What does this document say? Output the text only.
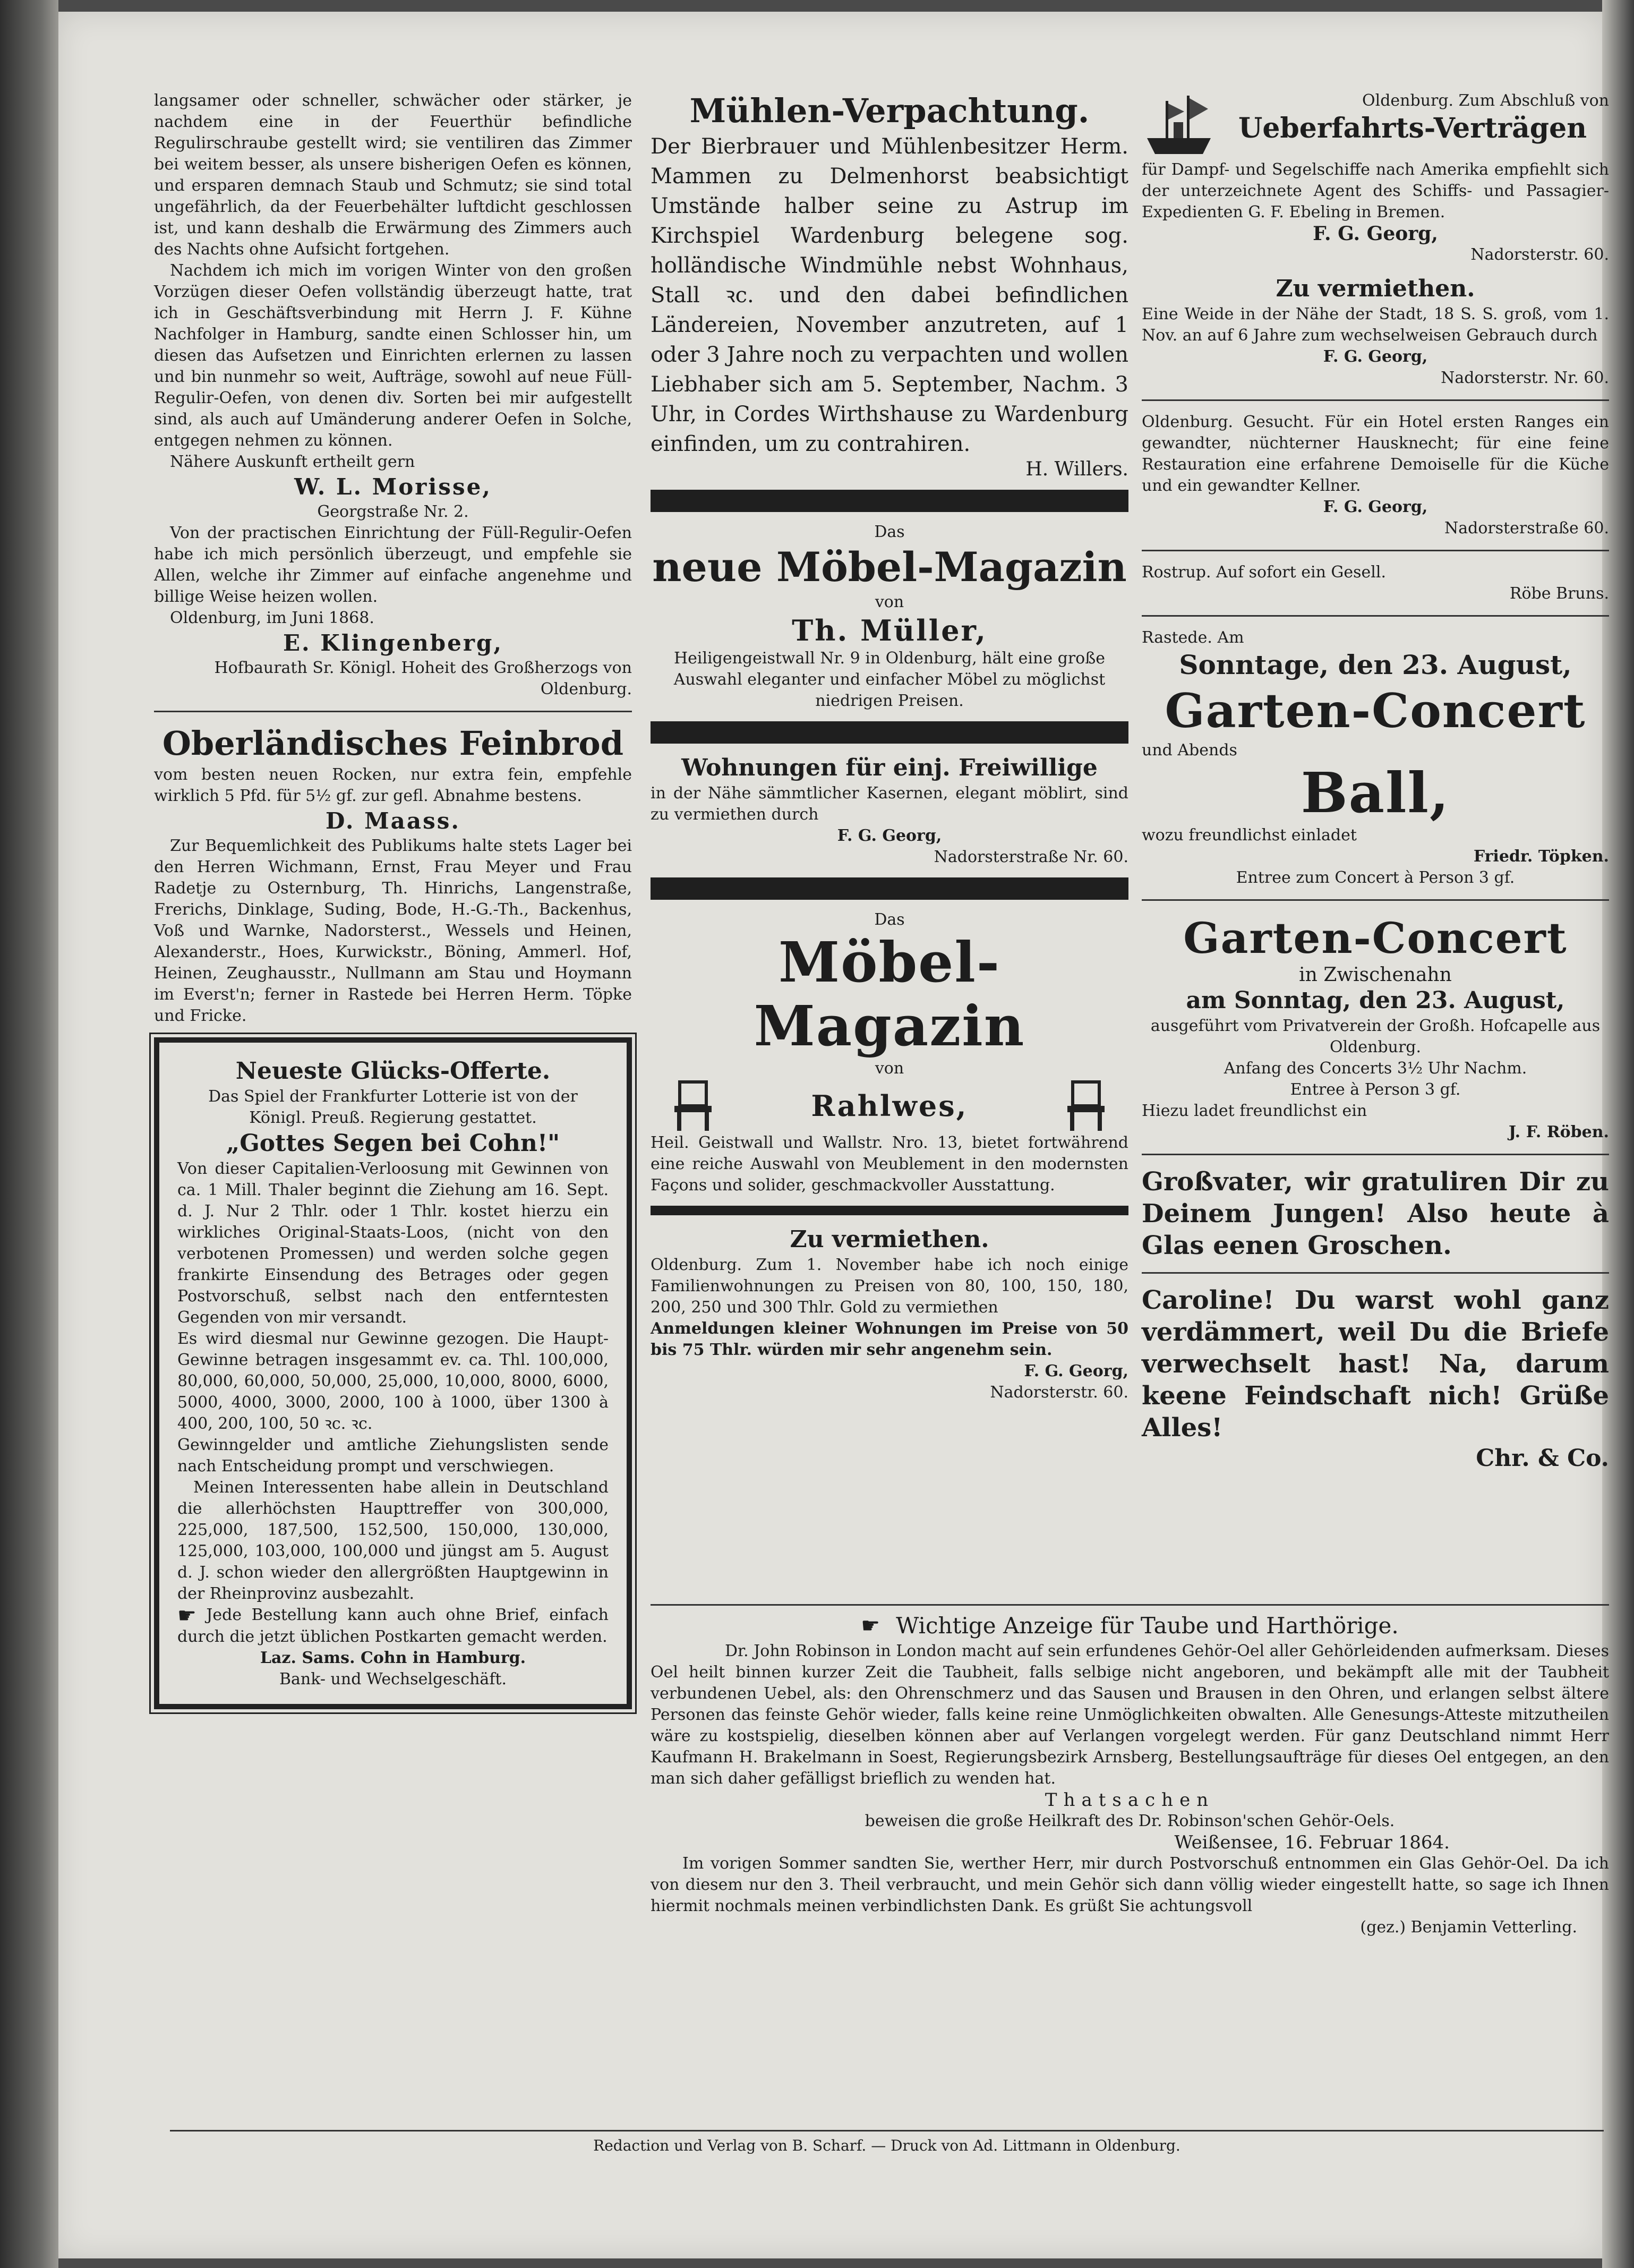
langsamer oder schneller, schwächer oder stärker, je nachdem eine in der Feuerthür befindliche Regulirschraube gestellt wird; sie ventiliren das Zimmer bei weitem besser, als unsere bisherigen Oefen es können, und ersparen demnach Staub und Schmutz; sie sind total ungefährlich, da der Feuerbehälter luftdicht geschlossen ist, und kann deshalb die Erwärmung des Zimmers auch des Nachts ohne Aufsicht fortgehen.

Nachdem ich mich im vorigen Winter von den großen Vorzügen dieser Oefen vollständig überzeugt hatte, trat ich in Geschäftsverbindung mit Herrn J. F. Kühne Nachfolger in Hamburg, sandte einen Schlosser hin, um diesen das Aufsetzen und Einrichten erlernen zu lassen und bin nunmehr so weit, Aufträge, sowohl auf neue Füll-Regulir-Oefen, von denen div. Sorten bei mir aufgestellt sind, als auch auf Umänderung anderer Oefen in Solche, entgegen nehmen zu können.

Nähere Auskunft ertheilt gern

W. L. Morisse,
Georgstraße Nr. 2.

Von der practischen Einrichtung der Füll-Regulir-Oefen habe ich mich persönlich überzeugt, und empfehle sie Allen, welche ihr Zimmer auf einfache angenehme und billige Weise heizen wollen.

Oldenburg, im Juni 1868.
E. Klingenberg,
Hofbaurath Sr. Königl. Hoheit des Großherzogs von Oldenburg.
Oberländisches Feinbrod

vom besten neuen Rocken, nur extra fein, empfehle wirklich 5 Pfd. für 5½ gf. zur gefl. Abnahme bestens.

D. Maass.

Zur Bequemlichkeit des Publikums halte stets Lager bei den Herren Wichmann, Ernst, Frau Meyer und Frau Radetje zu Osternburg, Th. Hinrichs, Langenstraße, Frerichs, Dinklage, Suding, Bode, H.-G.-Th., Backenhus, Voß und Warnke, Nadorsterst., Wessels und Heinen, Alexanderstr., Hoes, Kurwickstr., Böning, Ammerl. Hof, Heinen, Zeughausstr., Nullmann am Stau und Hoymann im Everst'n; ferner in Rastede bei Herren Herm. Töpke und Fricke.

Neueste Glücks-Offerte.

Das Spiel der Frankfurter Lotterie ist von der Königl. Preuß. Regierung gestattet.

„Gottes Segen bei Cohn!"

Von dieser Capitalien-Verloosung mit Gewinnen von ca. 1 Mill. Thaler beginnt die Ziehung am 16. Sept. d. J. Nur 2 Thlr. oder 1 Thlr. kostet hierzu ein wirkliches Original-Staats-Loos, (nicht von den verbotenen Promessen) und werden solche gegen frankirte Einsendung des Betrages oder gegen Postvorschuß, selbst nach den entferntesten Gegenden von mir versandt.

Es wird diesmal nur Gewinne gezogen. Die Haupt-Gewinne betragen insgesammt ev. ca. Thl. 100,000, 80,000, 60,000, 50,000, 25,000, 10,000, 8000, 6000, 5000, 4000, 3000, 2000, 100 à 1000, über 1300 à 400, 200, 100, 50 ꝛc. ꝛc.

Gewinngelder und amtliche Ziehungslisten sende nach Entscheidung prompt und verschwiegen.

Meinen Interessenten habe allein in Deutschland die allerhöchsten Haupttreffer von 300,000, 225,000, 187,500, 152,500, 150,000, 130,000, 125,000, 103,000, 100,000 und jüngst am 5. August d. J. schon wieder den allergrößten Hauptgewinn in der Rheinprovinz ausbezahlt.

☛ Jede Bestellung kann auch ohne Brief, einfach durch die jetzt üblichen Postkarten gemacht werden.

Laz. Sams. Cohn in Hamburg.
Bank- und Wechselgeschäft.
Mühlen-Verpachtung.

Der Bierbrauer und Mühlenbesitzer Herm. Mammen zu Delmenhorst beabsichtigt Umstände halber seine zu Astrup im Kirchspiel Wardenburg belegene sog. holländische Windmühle nebst Wohnhaus, Stall ꝛc. und den dabei befindlichen Ländereien, November anzutreten, auf 1 oder 3 Jahre noch zu verpachten und wollen Liebhaber sich am 5. September, Nachm. 3 Uhr, in Cordes Wirthshause zu Wardenburg einfinden, um zu contrahiren.

H. Willers.
Das
neue Möbel-Magazin
von
Th. Müller,

Heiligengeistwall Nr. 9 in Oldenburg, hält eine große Auswahl eleganter und einfacher Möbel zu möglichst niedrigen Preisen.

Wohnungen für einj. Freiwillige

in der Nähe sämmtlicher Kasernen, elegant möblirt, sind zu vermiethen durch

F. G. Georg,
Nadorsterstraße Nr. 60.
Das
Möbel-Magazin
von
Rahlwes,

Heil. Geistwall und Wallstr. Nro. 13, bietet fortwährend eine reiche Auswahl von Meublement in den modernsten Façons und solider, geschmackvoller Ausstattung.

Zu vermiethen.

Oldenburg. Zum 1. November habe ich noch einige Familienwohnungen zu Preisen von 80, 100, 150, 180, 200, 250 und 300 Thlr. Gold zu vermiethen

Anmeldungen kleiner Wohnungen im Preise von 50 bis 75 Thlr. würden mir sehr angenehm sein.

F. G. Georg,
Nadorsterstr. 60.
Oldenburg. Zum Abschluß von
Ueberfahrts-Verträgen

für Dampf- und Segelschiffe nach Amerika empfiehlt sich der unterzeichnete Agent des Schiffs- und Passagier-Expedienten G. F. Ebeling in Bremen.

F. G. Georg,
Nadorsterstr. 60.
Zu vermiethen.

Eine Weide in der Nähe der Stadt, 18 S. S. groß, vom 1. Nov. an auf 6 Jahre zum wechselweisen Gebrauch durch

F. G. Georg,
Nadorsterstr. Nr. 60.

Oldenburg. Gesucht. Für ein Hotel ersten Ranges ein gewandter, nüchterner Hausknecht; für eine feine Restauration eine erfahrene Demoiselle für die Küche und ein gewandter Kellner.

F. G. Georg,
Nadorsterstraße 60.
Rostrup. Auf sofort ein Gesell.
Röbe Bruns.
Rastede. Am
Sonntage, den 23. August,
Garten-Concert
und Abends
Ball,
wozu freundlichst einladet
Friedr. Töpken.
Entree zum Concert à Person 3 gf.
Garten-Concert
in Zwischenahn
am Sonntag, den 23. August,

ausgeführt vom Privatverein der Großh. Hofcapelle aus Oldenburg.

Anfang des Concerts 3½ Uhr Nachm.
Entree à Person 3 gf.
Hiezu ladet freundlichst ein
J. F. Röben.

Großvater, wir gratuliren Dir zu Deinem Jungen! Also heute à Glas eenen Groschen.

Caroline! Du warst wohl ganz verdämmert, weil Du die Briefe verwechselt hast! Na, darum keene Feindschaft nich! Grüße Alles!

Chr. & Co.
☛ Wichtige Anzeige für Taube und Harthörige.

Dr. John Robinson in London macht auf sein erfundenes Gehör-Oel aller Gehörleidenden aufmerksam. Dieses Oel heilt binnen kurzer Zeit die Taubheit, falls selbige nicht angeboren, und bekämpft alle mit der Taubheit verbundenen Uebel, als: den Ohrenschmerz und das Sausen und Brausen in den Ohren, und erlangen selbst ältere Personen das feinste Gehör wieder, falls keine reine Unmöglichkeiten obwalten. Alle Genesungs-Atteste mitzutheilen wäre zu kostspielig, dieselben können aber auf Verlangen vorgelegt werden. Für ganz Deutschland nimmt Herr Kaufmann H. Brakelmann in Soest, Regierungsbezirk Arnsberg, Bestellungsaufträge für dieses Oel entgegen, an den man sich daher gefälligst brieflich zu wenden hat.

Thatsachen
beweisen die große Heilkraft des Dr. Robinson'schen Gehör-Oels.
Weißensee, 16. Februar 1864.

Im vorigen Sommer sandten Sie, werther Herr, mir durch Postvorschuß entnommen ein Glas Gehör-Oel. Da ich von diesem nur den 3. Theil verbraucht, und mein Gehör sich dann völlig wieder eingestellt hatte, so sage ich Ihnen hiermit nochmals meinen verbindlichsten Dank. Es grüßt Sie achtungsvoll

(gez.) Benjamin Vetterling.
Redaction und Verlag von B. Scharf. — Druck von Ad. Littmann in Oldenburg.
